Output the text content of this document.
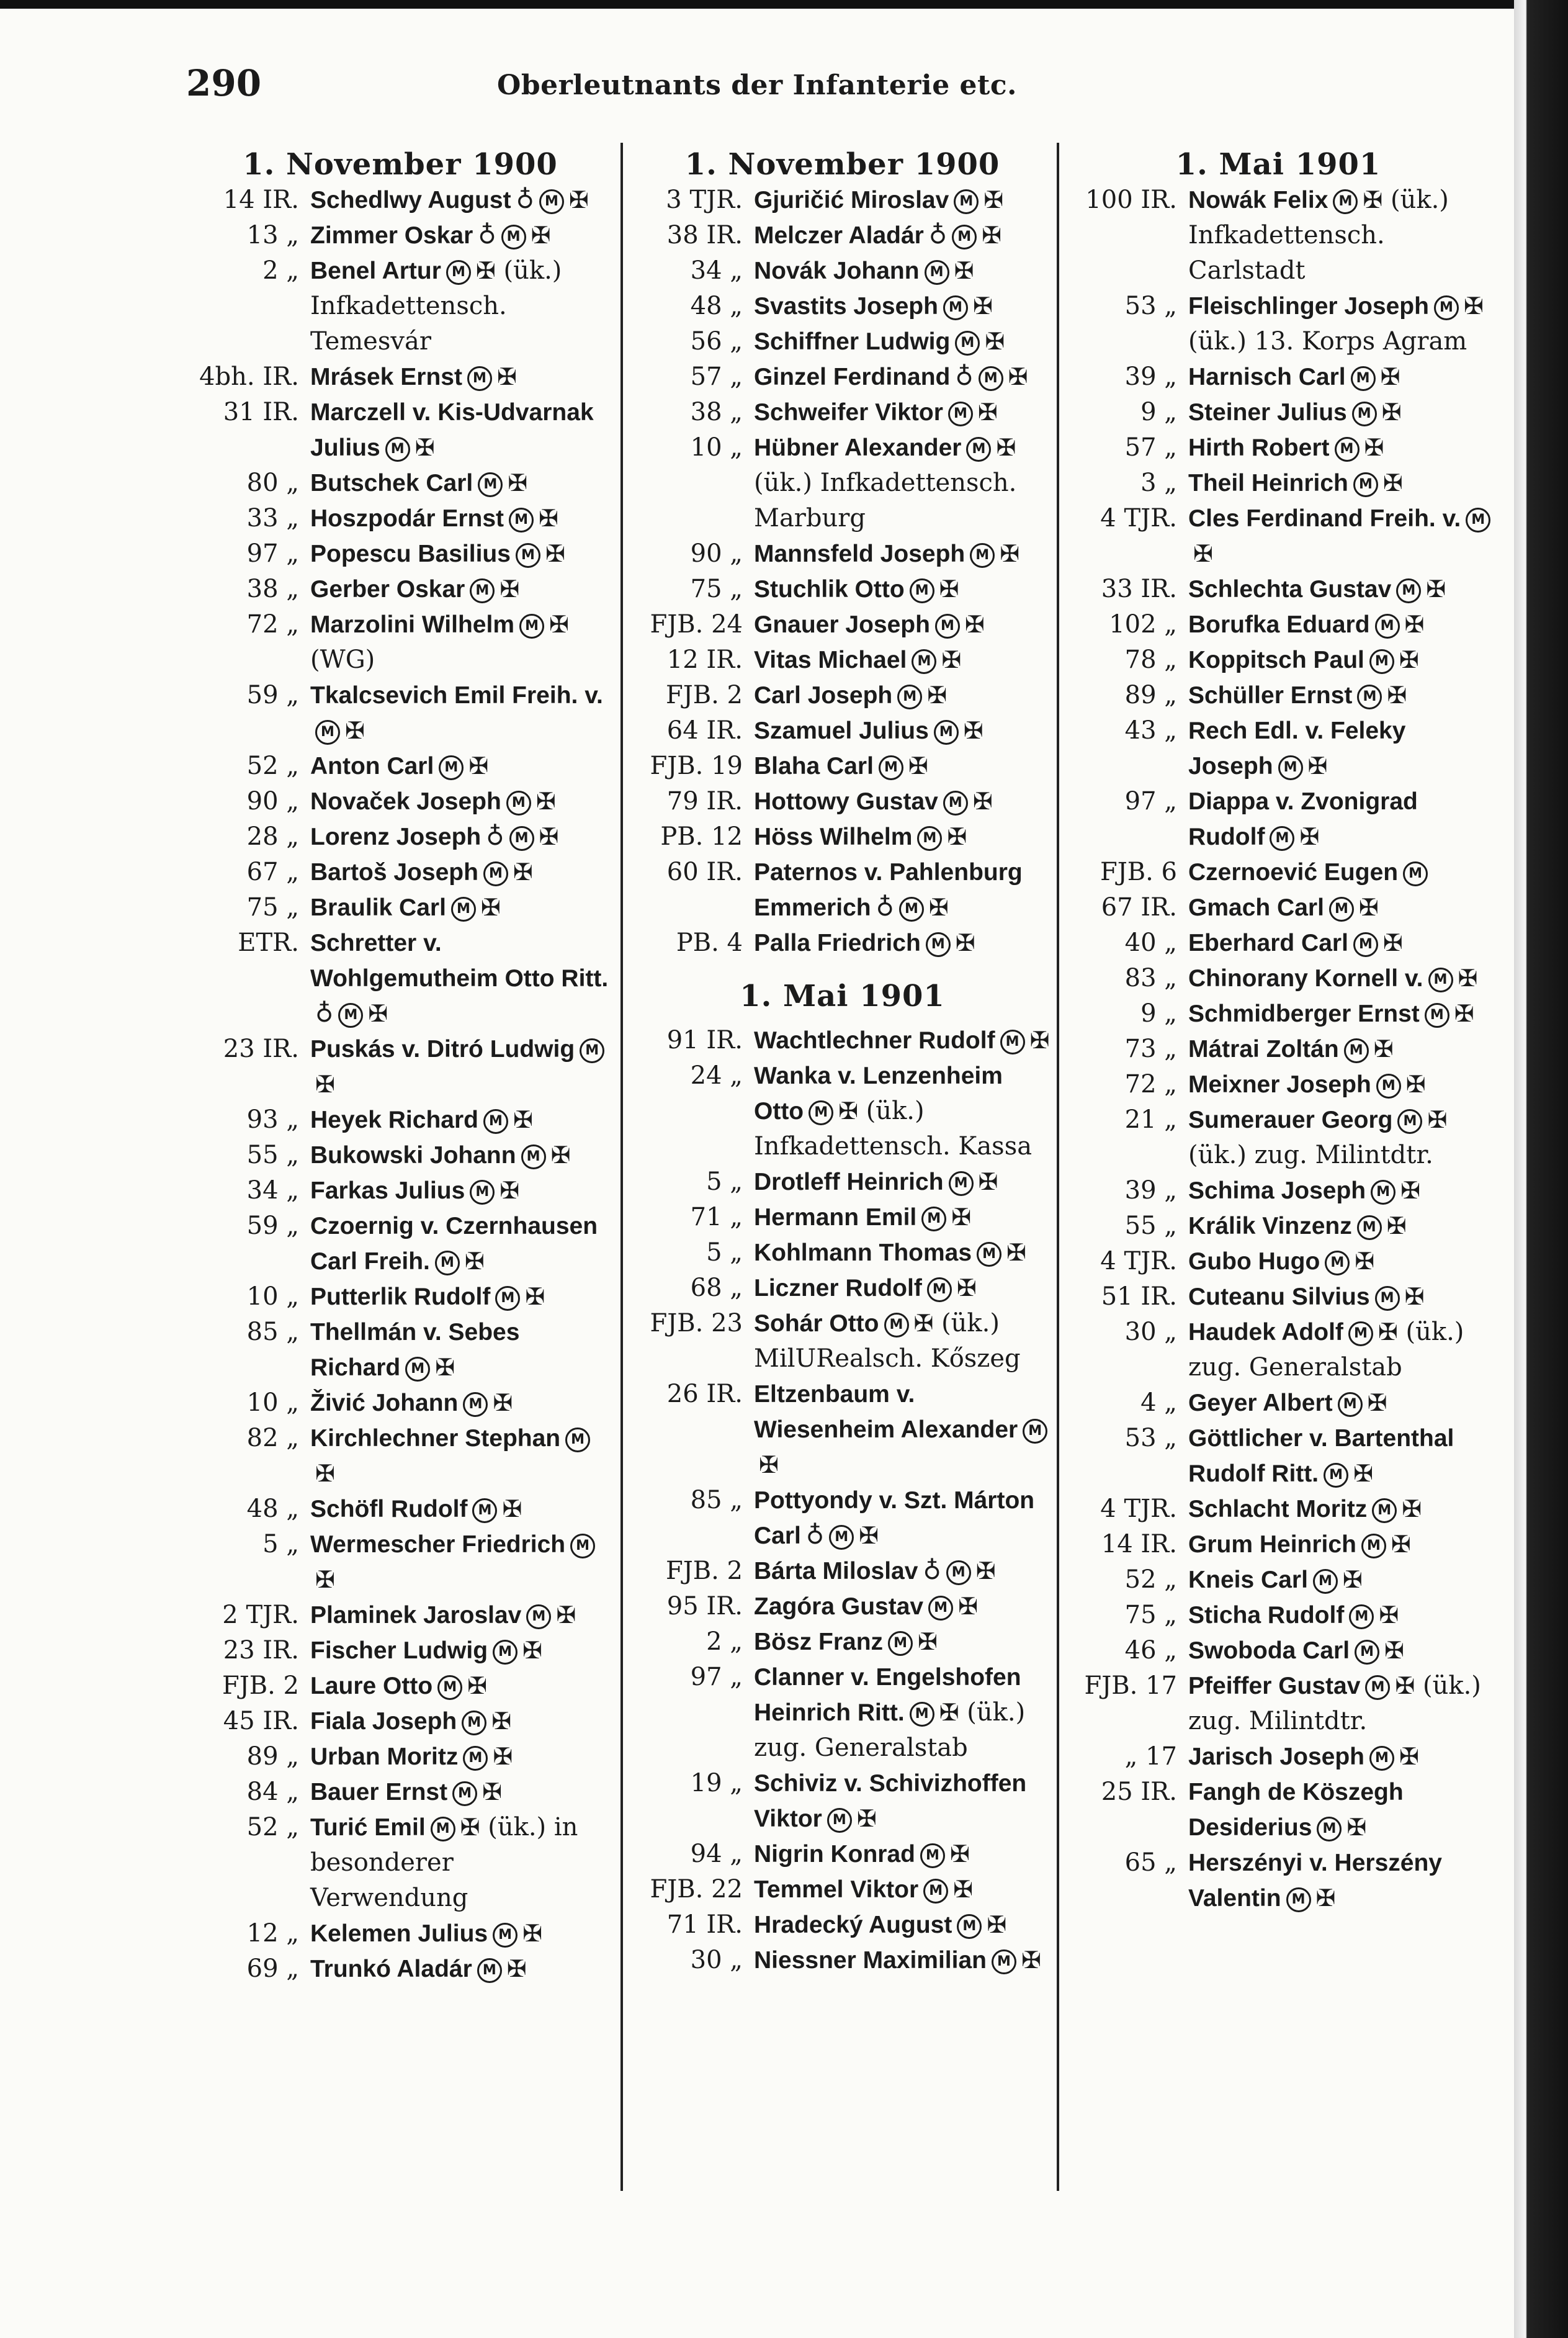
Oberleutnants der Infanterie etc.
290
1. November 1900
14 IR. Schedlwy August ♁ M ✠
13 „ Zimmer Oskar ♁ M ✠
2 „ Benel Artur M ✠ (ük.) Infkadettensch. Temesvár
4bh. IR. Mrásek Ernst M ✠
31 IR. Marczell v. Kis-Udvarnak Julius M ✠
80 „ Butschek Carl M ✠
33 „ Hoszpodár Ernst M ✠
97 „ Popescu Basilius M ✠
38 „ Gerber Oskar M ✠
72 „ Marzolini Wilhelm M ✠ (WG)
59 „ Tkalcsevich Emil Freih. v.M ✠
52 „ Anton Carl M ✠
90 „ Novaček Joseph M ✠
28 „ Lorenz Joseph ♁ M ✠
67 „ Bartoš Joseph M ✠
75 „ Braulik Carl M ✠
ETR. Schretter v. Wohlgemutheim Otto Ritt.♁ M ✠
23 IR. Puskás v. Ditró Ludwig M✠
93 „ Heyek Richard M ✠
55 „ Bukowski Johann M ✠
34 „ Farkas Julius M ✠
59 „ Czoernig v. Czernhausen Carl Freih. M ✠
10 „ Putterlik Rudolf M ✠
85 „ Thellmán v. Sebes Richard M ✠
10 „ Živić Johann M ✠
82 „ Kirchlechner Stephan M✠
48 „ Schöfl Rudolf M ✠
5 „ Wermescher Friedrich M✠
2 TJR. Plaminek Jaroslav M ✠
23 IR. Fischer Ludwig M ✠
FJB. 2 Laure Otto M ✠
45 IR. Fiala Joseph M ✠
89 „ Urban Moritz M ✠
84 „ Bauer Ernst M ✠
52 „ Turić Emil M ✠ (ük.) in besonderer Verwendung
12 „ Kelemen Julius M ✠
69 „ Trunkó Aladár M ✠
1. November 1900
3 TJR. Gjuričić Miroslav M ✠
38 IR. Melczer Aladár ♁ M ✠
34 „ Novák Johann M ✠
48 „ Svastits Joseph M ✠
56 „ Schiffner Ludwig M ✠
57 „ Ginzel Ferdinand ♁ M ✠
38 „ Schweifer Viktor M ✠
10 „ Hübner Alexander M ✠ (ük.) Infkadettensch. Marburg
90 „ Mannsfeld Joseph M ✠
75 „ Stuchlik Otto M ✠
FJB. 24 Gnauer Joseph M ✠
12 IR. Vitas Michael M ✠
FJB. 2 Carl Joseph M ✠
64 IR. Szamuel Julius M ✠
FJB. 19 Blaha Carl M ✠
79 IR. Hottowy Gustav M ✠
PB. 12 Höss Wilhelm M ✠
60 IR. Paternos v. Pahlenburg Emmerich ♁ M ✠
PB. 4 Palla Friedrich M ✠
1. Mai 1901
91 IR. Wachtlechner Rudolf M ✠
24 „ Wanka v. Lenzenheim Otto M ✠ (ük.) Infkadettensch. Kassa
5 „ Drotleff Heinrich M ✠
71 „ Hermann Emil M ✠
5 „ Kohlmann Thomas M ✠
68 „ Liczner Rudolf M ✠
FJB. 23 Sohár Otto M ✠ (ük.) MilURealsch. Kőszeg
26 IR. Eltzenbaum v. Wiesenheim Alexander M✠
85 „ Pottyondy v. Szt. Márton Carl ♁ M ✠
FJB. 2 Bárta Miloslav ♁ M ✠
95 IR. Zagóra Gustav M ✠
2 „ Bösz Franz M ✠
97 „ Clanner v. Engelshofen Heinrich Ritt. M ✠ (ük.) zug. Generalstab
19 „ Schiviz v. Schivizhoffen Viktor M ✠
94 „ Nigrin Konrad M ✠
FJB. 22 Temmel Viktor M ✠
71 IR. Hradecký August M ✠
30 „ Niessner Maximilian M ✠
1. Mai 1901
100 IR. Nowák Felix M ✠ (ük.) Infkadettensch. Carlstadt
53 „ Fleischlinger Joseph M ✠ (ük.) 13. Korps Agram
39 „ Harnisch Carl M ✠
9 „ Steiner Julius M ✠
57 „ Hirth Robert M ✠
3 „ Theil Heinrich M ✠
4 TJR. Cles Ferdinand Freih. v. M✠
33 IR. Schlechta Gustav M ✠
102 „ Borufka Eduard M ✠
78 „ Koppitsch Paul M ✠
89 „ Schüller Ernst M ✠
43 „ Rech Edl. v. Feleky Joseph M ✠
97 „ Diappa v. Zvonigrad Rudolf M ✠
FJB. 6 Czernoević Eugen M
67 IR. Gmach Carl M ✠
40 „ Eberhard Carl M ✠
83 „ Chinorany Kornell v. M ✠
9 „ Schmidberger Ernst M ✠
73 „ Mátrai Zoltán M ✠
72 „ Meixner Joseph M ✠
21 „ Sumerauer Georg M ✠ (ük.) zug. Milintdtr.
39 „ Schima Joseph M ✠
55 „ Králik Vinzenz M ✠
4 TJR. Gubo Hugo M ✠
51 IR. Cuteanu Silvius M ✠
30 „ Haudek Adolf M ✠ (ük.) zug. Generalstab
4 „ Geyer Albert M ✠
53 „ Göttlicher v. Bartenthal Rudolf Ritt. M ✠
4 TJR. Schlacht Moritz M ✠
14 IR. Grum Heinrich M ✠
52 „ Kneis Carl M ✠
75 „ Sticha Rudolf M ✠
46 „ Swoboda Carl M ✠
FJB. 17 Pfeiffer Gustav M ✠ (ük.) zug. Milintdtr.
„ 17 Jarisch Joseph M ✠
25 IR. Fangh de Köszegh Desiderius M ✠
65 „ Herszényi v. Herszény Valentin M ✠
